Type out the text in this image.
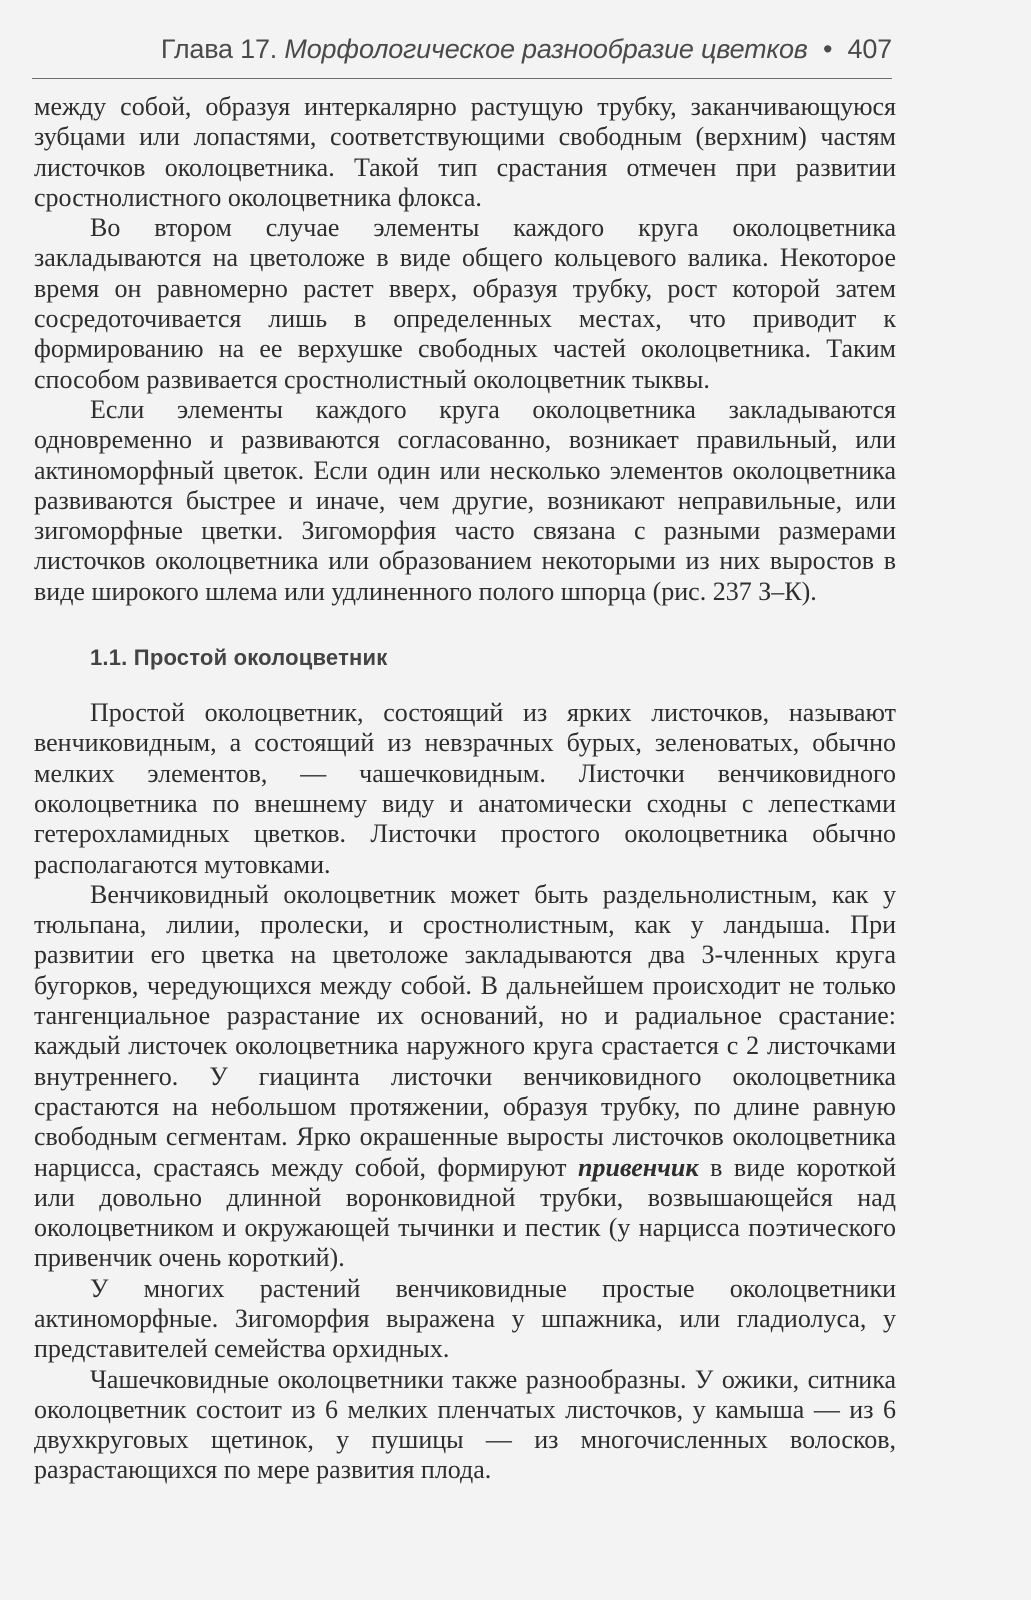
Глава 17. Морфологическое разнообразие цветков • 407

между собой, образуя интеркалярно растущую трубку, заканчивающуюся зубцами или лопастями, соответствующими свободным (верхним) частям листочков околоцветника. Такой тип срастания отмечен при развитии сростнолистного околоцветника флокса.

Во втором случае элементы каждого круга околоцветника закладываются на цветоложе в виде общего кольцевого валика. Некоторое время он равномерно растет вверх, образуя трубку, рост которой затем сосредоточивается лишь в определенных местах, что приводит к формированию на ее верхушке свободных частей околоцветника. Таким способом развивается сростнолистный околоцветник тыквы.

Если элементы каждого круга околоцветника закладываются одновременно и развиваются согласованно, возникает правильный, или актиноморфный цветок. Если один или несколько элементов околоцветника развиваются быстрее и иначе, чем другие, возникают неправильные, или зигоморфные цветки. Зигоморфия часто связана с разными размерами листочков околоцветника или образованием некоторыми из них выростов в виде широкого шлема или удлиненного полого шпорца (рис. 237 З–К).

1.1. Простой околоцветник

Простой околоцветник, состоящий из ярких листочков, называют венчиковидным, а состоящий из невзрачных бурых, зеленоватых, обычно мелких элементов, — чашечковидным. Листочки венчиковидного околоцветника по внешнему виду и анатомически сходны с лепестками гетерохламидных цветков. Листочки простого околоцветника обычно располагаются мутовками.

Венчиковидный околоцветник может быть раздельнолистным, как у тюльпана, лилии, пролески, и сростнолистным, как у ландыша. При развитии его цветка на цветоложе закладываются два 3-членных круга бугорков, чередующихся между собой. В дальнейшем происходит не только тангенциальное разрастание их оснований, но и радиальное срастание: каждый листочек околоцветника наружного круга срастается с 2 листочками внутреннего. У гиацинта листочки венчиковидного околоцветника срастаются на небольшом протяжении, образуя трубку, по длине равную свободным сегментам. Ярко окрашенные выросты листочков околоцветника нарцисса, срастаясь между собой, формируют привенчик в виде короткой или довольно длинной воронковидной трубки, возвышающейся над околоцветником и окружающей тычинки и пестик (у нарцисса поэтического привенчик очень короткий).

У многих растений венчиковидные простые околоцветники актиноморфные. Зигоморфия выражена у шпажника, или гладиолуса, у представителей семейства орхидных.

Чашечковидные околоцветники также разнообразны. У ожики, ситника околоцветник состоит из 6 мелких пленчатых листочков, у камыша — из 6 двухкруговых щетинок, у пушицы — из многочисленных волосков, разрастающихся по мере развития плода.
